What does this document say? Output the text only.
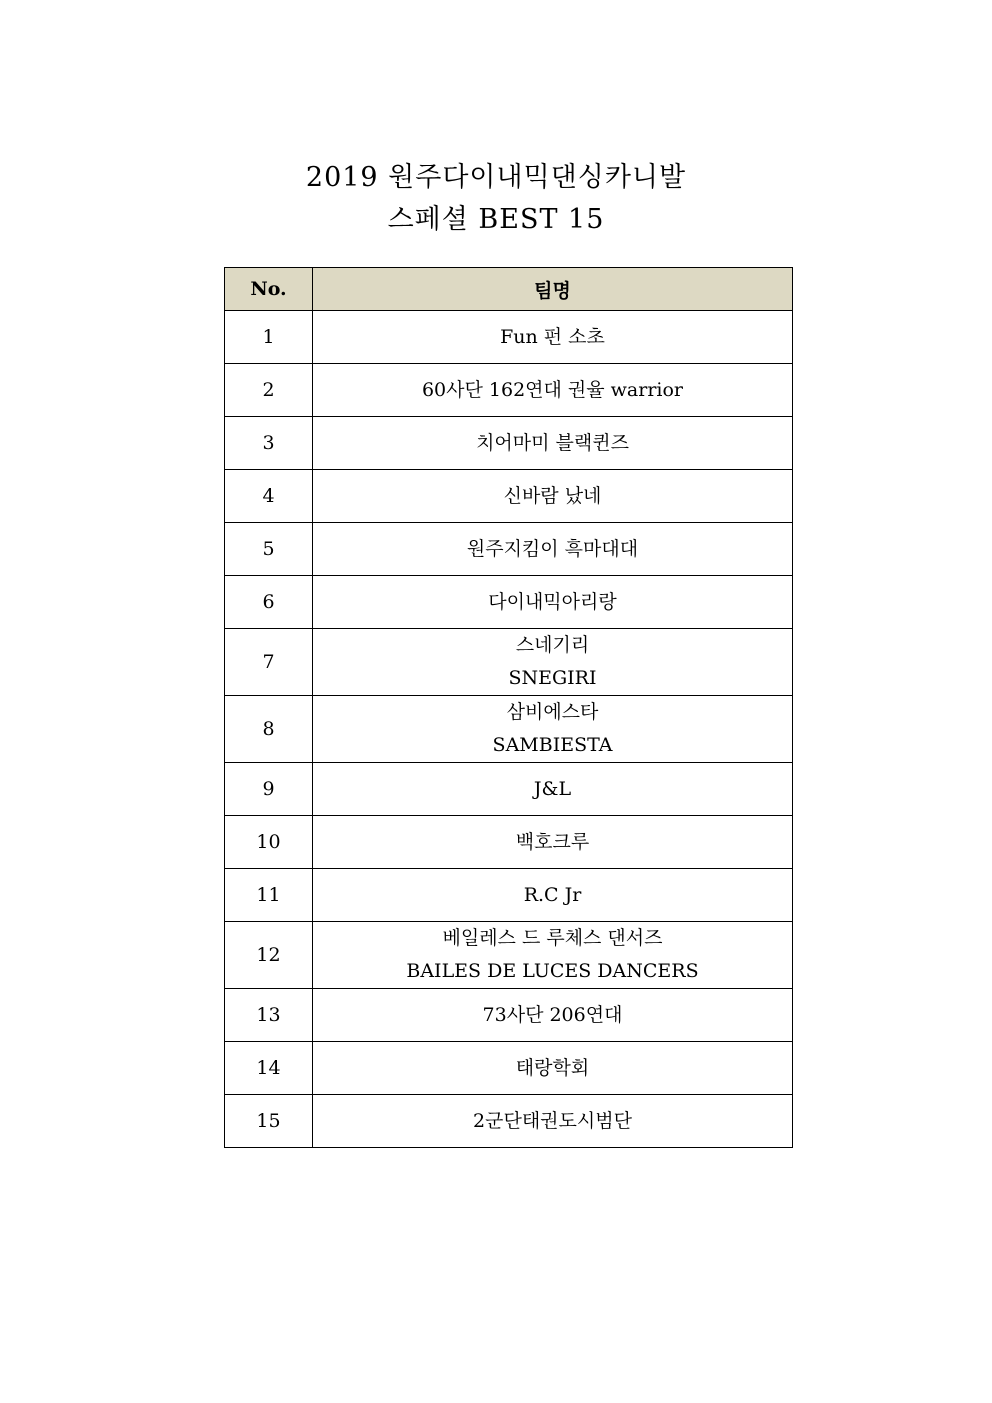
2019 원주다이내믹댄싱카니발
스페셜 BEST 15
No.	팀명
1	Fun 펀 소초

2	60사단 162연대 권율 warrior

3	치어마미 블랙퀸즈

4	신바람 났네

5	원주지킴이 흑마대대

6	다이내믹아리랑

7	스네기리
SNEGIRI

8	삼비에스타
SAMBIESTA

9	J&L

10	백호크루

11	R.C Jr

12	베일레스 드 루체스 댄서즈
BAILES DE LUCES DANCERS

13	73사단 206연대

14	태랑학회

15	2군단태권도시범단
